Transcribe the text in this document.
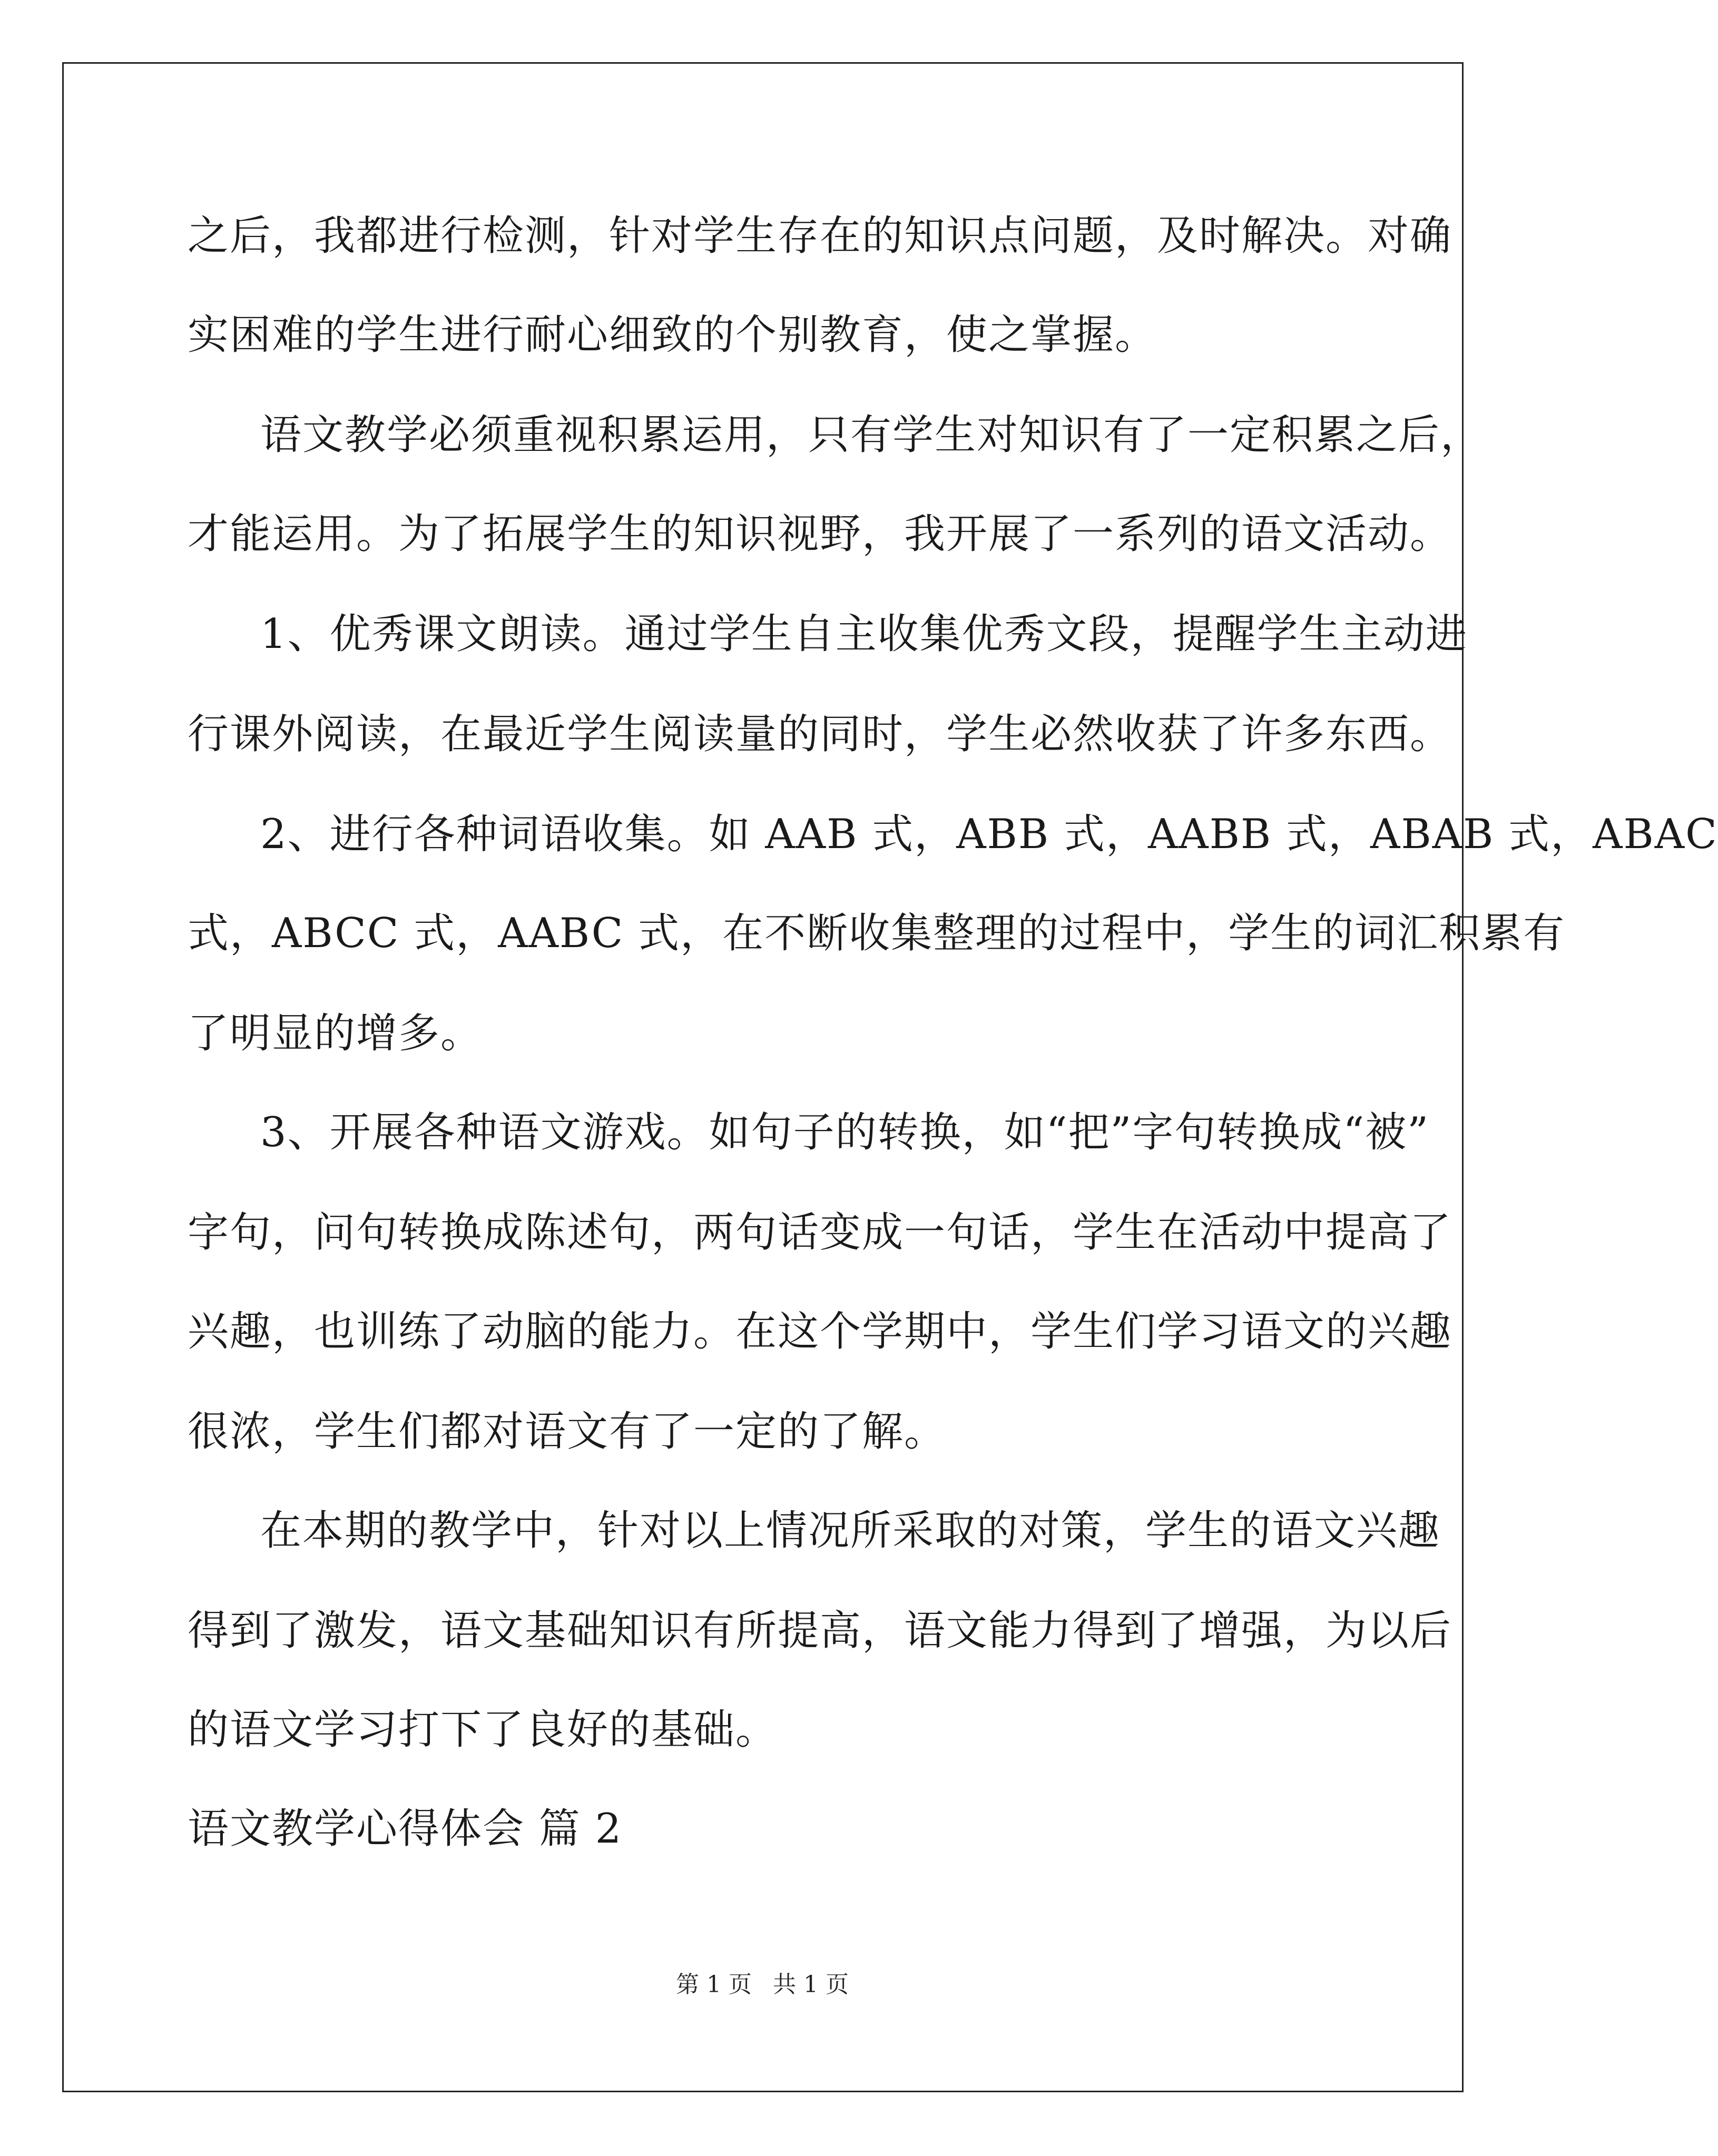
之后，我都进行检测，针对学生存在的知识点问题，及时解决。对确
实困难的学生进行耐心细致的个别教育，使之掌握。
语文教学必须重视积累运用，只有学生对知识有了一定积累之后，
才能运用。为了拓展学生的知识视野，我开展了一系列的语文活动。
1、优秀课文朗读。通过学生自主收集优秀文段，提醒学生主动进
行课外阅读，在最近学生阅读量的同时，学生必然收获了许多东西。
2、进行各种词语收集。如 AAB 式，ABB 式，AABB 式，ABAB 式，ABAC
式，ABCC 式，AABC 式，在不断收集整理的过程中，学生的词汇积累有
了明显的增多。
3、开展各种语文游戏。如句子的转换，如“把”字句转换成“被”
字句，问句转换成陈述句，两句话变成一句话，学生在活动中提高了
兴趣，也训练了动脑的能力。在这个学期中，学生们学习语文的兴趣
很浓，学生们都对语文有了一定的了解。
在本期的教学中，针对以上情况所采取的对策，学生的语文兴趣
得到了激发，语文基础知识有所提高，语文能力得到了增强，为以后
的语文学习打下了良好的基础。
语文教学心得体会 篇 2
第 1 页 共 1 页
